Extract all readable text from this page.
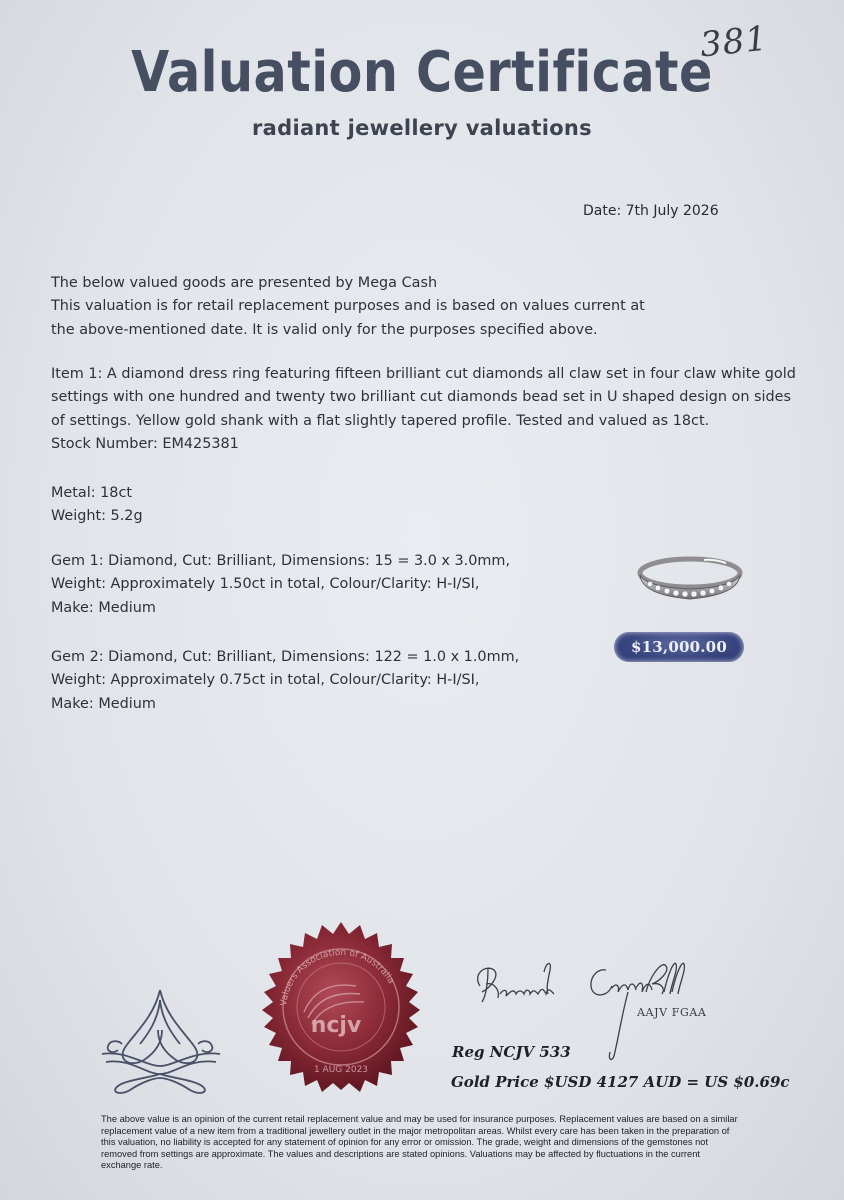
381
Valuation Certificate
radiant jewellery valuations
Date: 7th July 2026
The below valued goods are presented by Mega Cash
This valuation is for retail replacement purposes and is based on values current at
the above-mentioned date. It is valid only for the purposes specified above.
Item 1: A diamond dress ring featuring fifteen brilliant cut diamonds all claw set in four claw white gold
settings with one hundred and twenty two brilliant cut diamonds bead set in U shaped design on sides
of settings. Yellow gold shank with a flat slightly tapered profile. Tested and valued as 18ct.
Stock Number: EM425381
Metal: 18ct
Weight: 5.2g
Gem 1: Diamond, Cut: Brilliant, Dimensions: 15 = 3.0 x 3.0mm,
Weight: Approximately 1.50ct in total, Colour/Clarity: H-I/SI,
Make: Medium
Gem 2: Diamond, Cut: Brilliant, Dimensions: 122 = 1.0 x 1.0mm,
Weight: Approximately 0.75ct in total, Colour/Clarity: H-I/SI,
Make: Medium
$13,000.00
ncjv
1 AUG 2023
Valuers Association of Australia
AAJV FGAA
Reg NCJV 533
Gold Price $USD 4127 AUD = US $0.69c
The above value is an opinion of the current retail replacement value and may be used for insurance purposes. Replacement values are based on a similar
replacement value of a new item from a traditional jewellery outlet in the major metropolitan areas. Whilst every care has been taken in the preparation of
this valuation, no liability is accepted for any statement of opinion for any error or omission. The grade, weight and dimensions of the gemstones not
removed from settings are approximate. The values and descriptions are stated opinions. Valuations may be affected by fluctuations in the current
exchange rate.
